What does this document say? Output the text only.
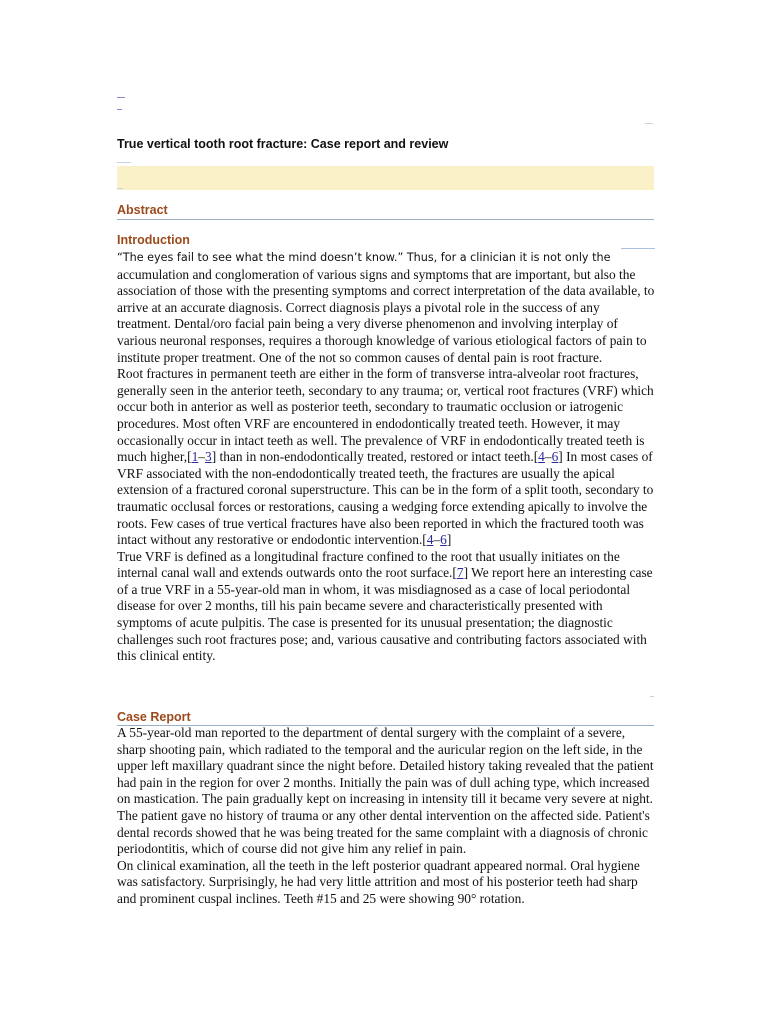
True vertical tooth root fracture: Case report and review
Abstract
Introduction

“The eyes fail to see what the mind doesn’t know.” Thus, for a clinician it is not only the
accumulation and conglomeration of various signs and symptoms that are important, but also the association of those with the presenting symptoms and correct interpretation of the data available, to arrive at an accurate diagnosis. Correct diagnosis plays a pivotal role in the success of any treatment. Dental/oro facial pain being a very diverse phenomenon and involving interplay of various neuronal responses, requires a thorough knowledge of various etiological factors of pain to institute proper treatment. One of the not so common causes of dental pain is root fracture.

Root fractures in permanent teeth are either in the form of transverse intra-alveolar root fractures, generally seen in the anterior teeth, secondary to any trauma; or, vertical root fractures (VRF) which occur both in anterior as well as posterior teeth, secondary to traumatic occlusion or iatrogenic procedures. Most often VRF are encountered in endodontically treated teeth. However, it may occasionally occur in intact teeth as well. The prevalence of VRF in endodontically treated teeth is much higher,[1–3] than in non-endodontically treated, restored or intact teeth.[4–6] In most cases of VRF associated with the non-endodontically treated teeth, the fractures are usually the apical extension of a fractured coronal superstructure. This can be in the form of a split tooth, secondary to traumatic occlusal forces or restorations, causing a wedging force extending apically to involve the roots. Few cases of true vertical fractures have also been reported in which the fractured tooth was intact without any restorative or endodontic intervention.[4–6]

True VRF is defined as a longitudinal fracture confined to the root that usually initiates on the internal canal wall and extends outwards onto the root surface.[7] We report here an interesting case of a true VRF in a 55-year-old man in whom, it was misdiagnosed as a case of local periodontal disease for over 2 months, till his pain became severe and characteristically presented with symptoms of acute pulpitis. The case is presented for its unusual presentation; the diagnostic challenges such root fractures pose; and, various causative and contributing factors associated with this clinical entity.

Case Report

A 55-year-old man reported to the department of dental surgery with the complaint of a severe, sharp shooting pain, which radiated to the temporal and the auricular region on the left side, in the upper left maxillary quadrant since the night before. Detailed history taking revealed that the patient had pain in the region for over 2 months. Initially the pain was of dull aching type, which increased on mastication. The pain gradually kept on increasing in intensity till it became very severe at night. The patient gave no history of trauma or any other dental intervention on the affected side. Patient's dental records showed that he was being treated for the same complaint with a diagnosis of chronic periodontitis, which of course did not give him any relief in pain.

On clinical examination, all the teeth in the left posterior quadrant appeared normal. Oral hygiene was satisfactory. Surprisingly, he had very little attrition and most of his posterior teeth had sharp and prominent cuspal inclines. Teeth #15 and 25 were showing 90° rotation.
